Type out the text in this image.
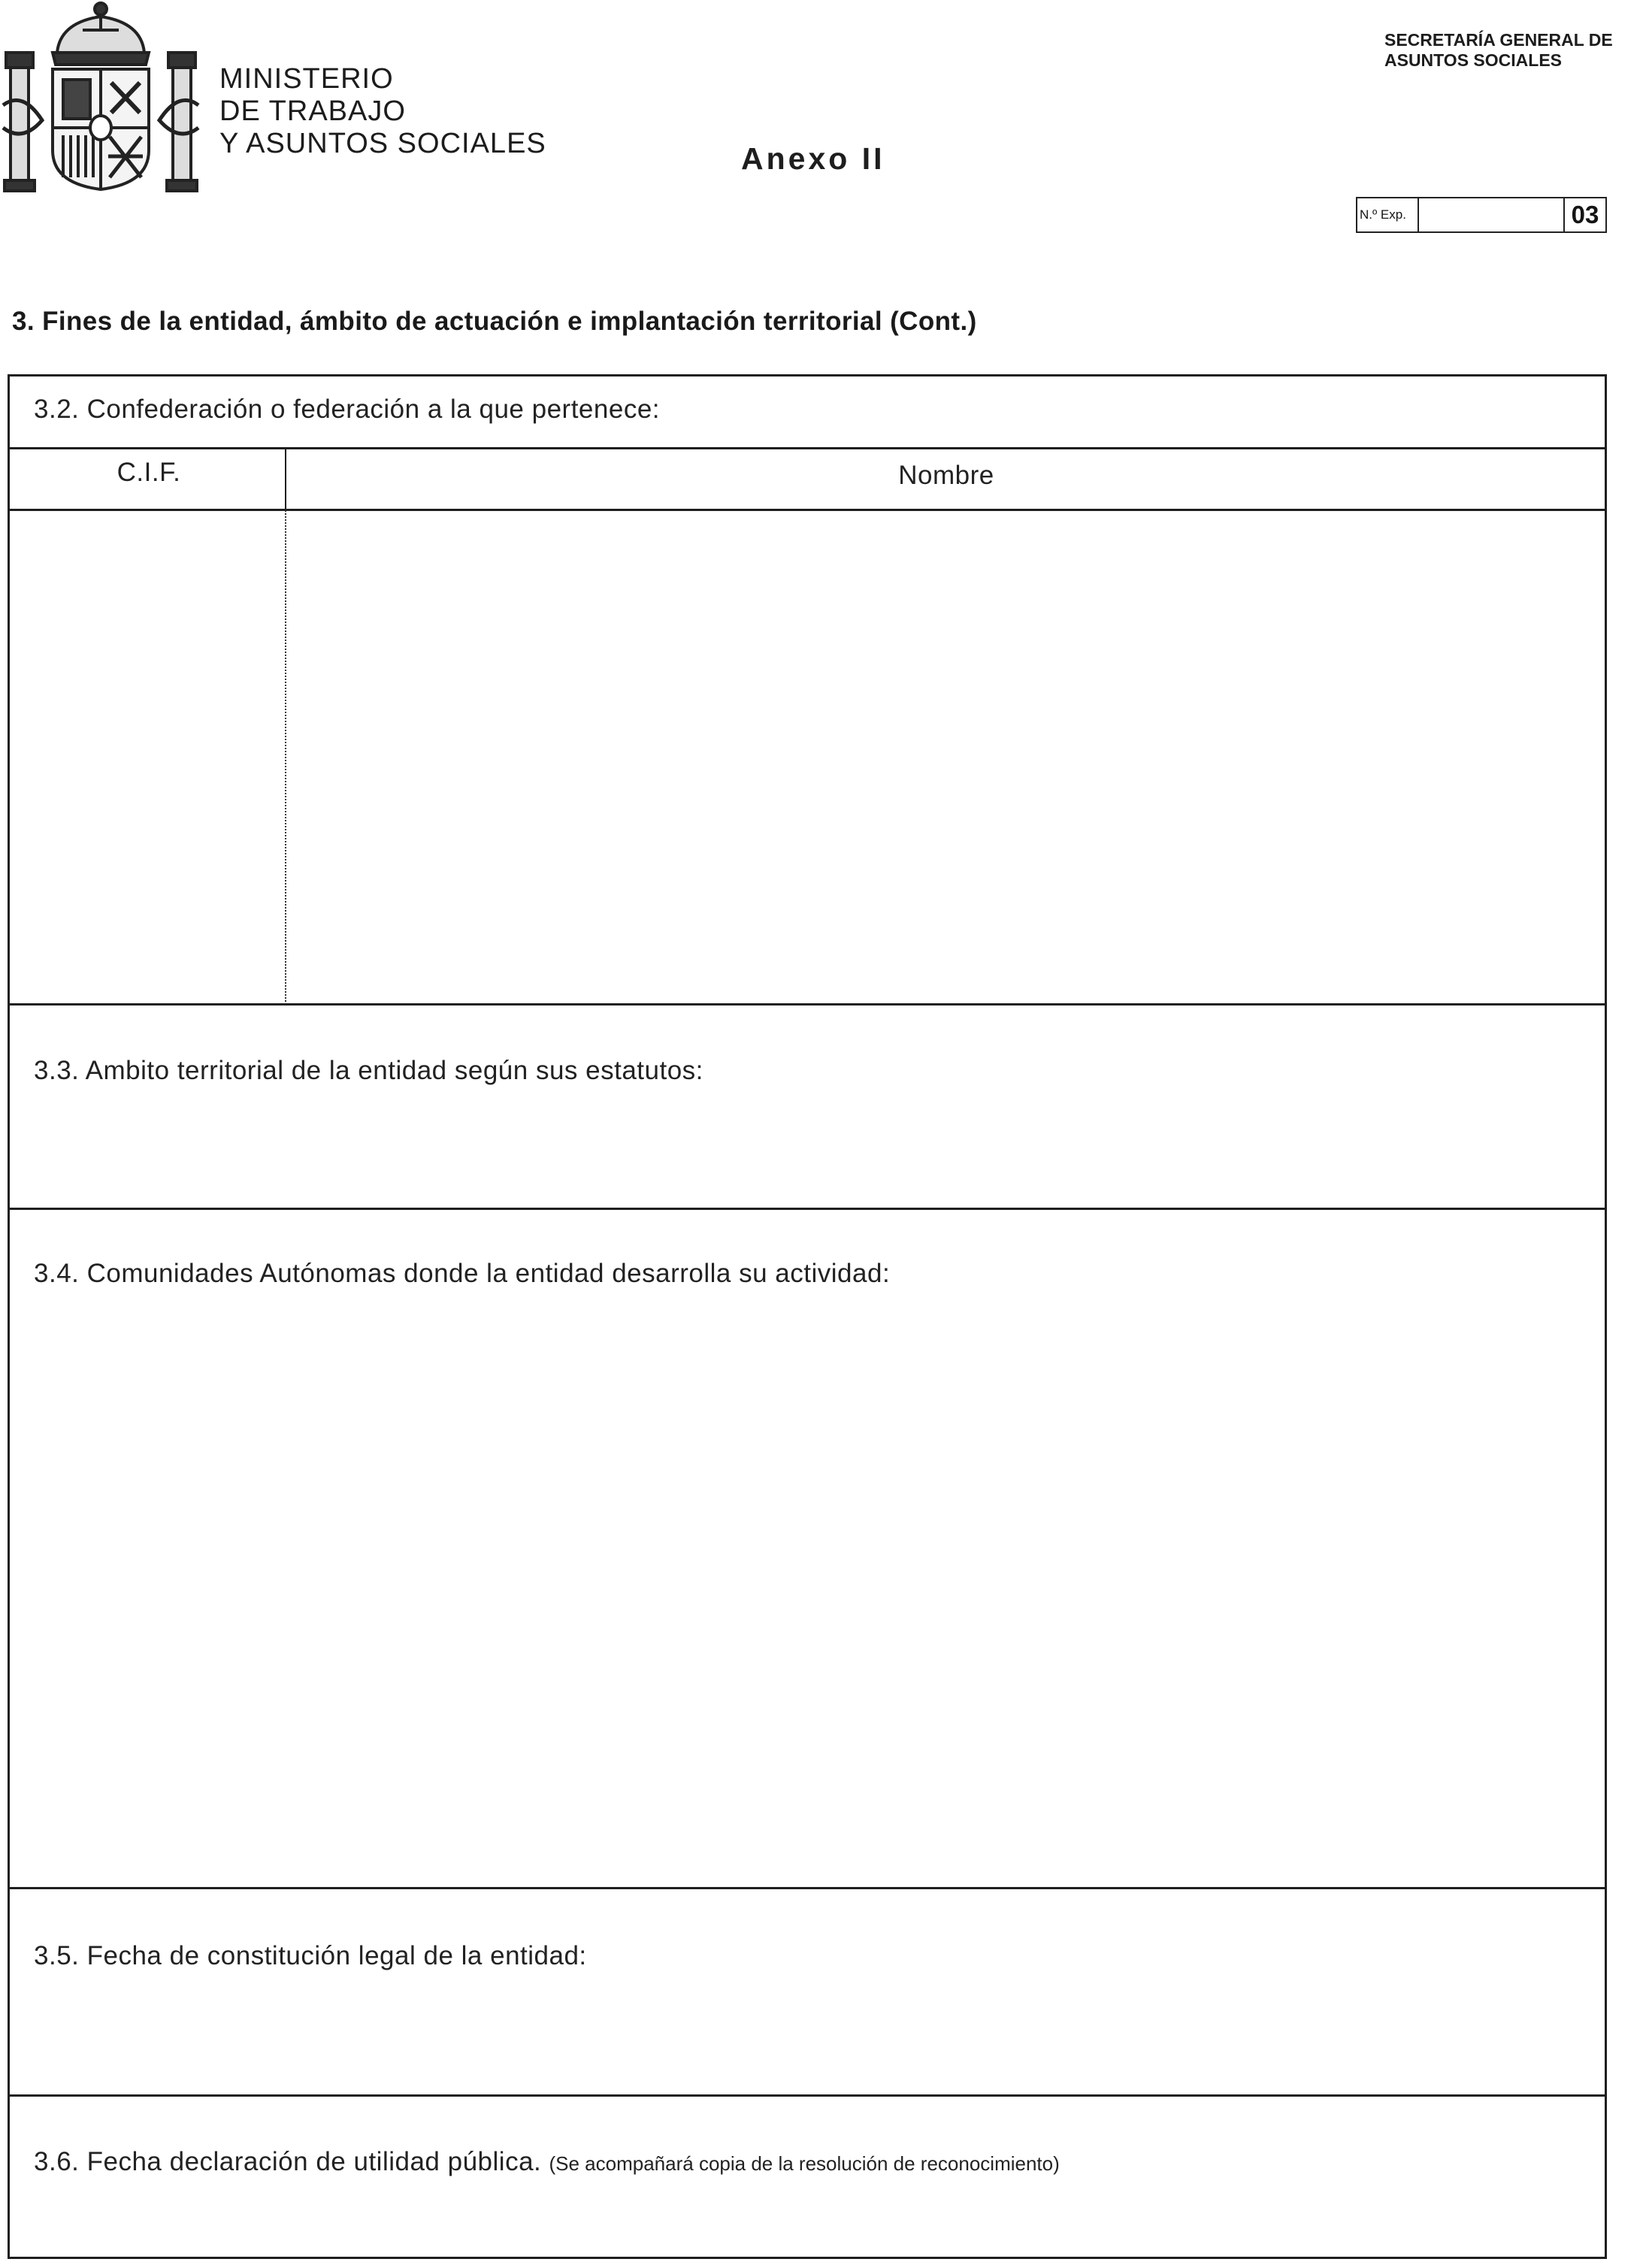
MINISTERIO
DE TRABAJO
Y ASUNTOS SOCIALES	Anexo II
SECRETARÍA GENERAL DE
ASUNTOS SOCIALES
N.º Exp.	03
3. Fines de la entidad, ámbito de actuación e implantación territorial (Cont.)
3.2. Confederación o federación a la que pertenece:
C.I.F.	Nombre
3.3. Ambito territorial de la entidad según sus estatutos:
3.4. Comunidades Autónomas donde la entidad desarrolla su actividad:
3.5. Fecha de constitución legal de la entidad:
3.6. Fecha declaración de utilidad pública. (Se acompañará copia de la resolución de reconocimiento)
